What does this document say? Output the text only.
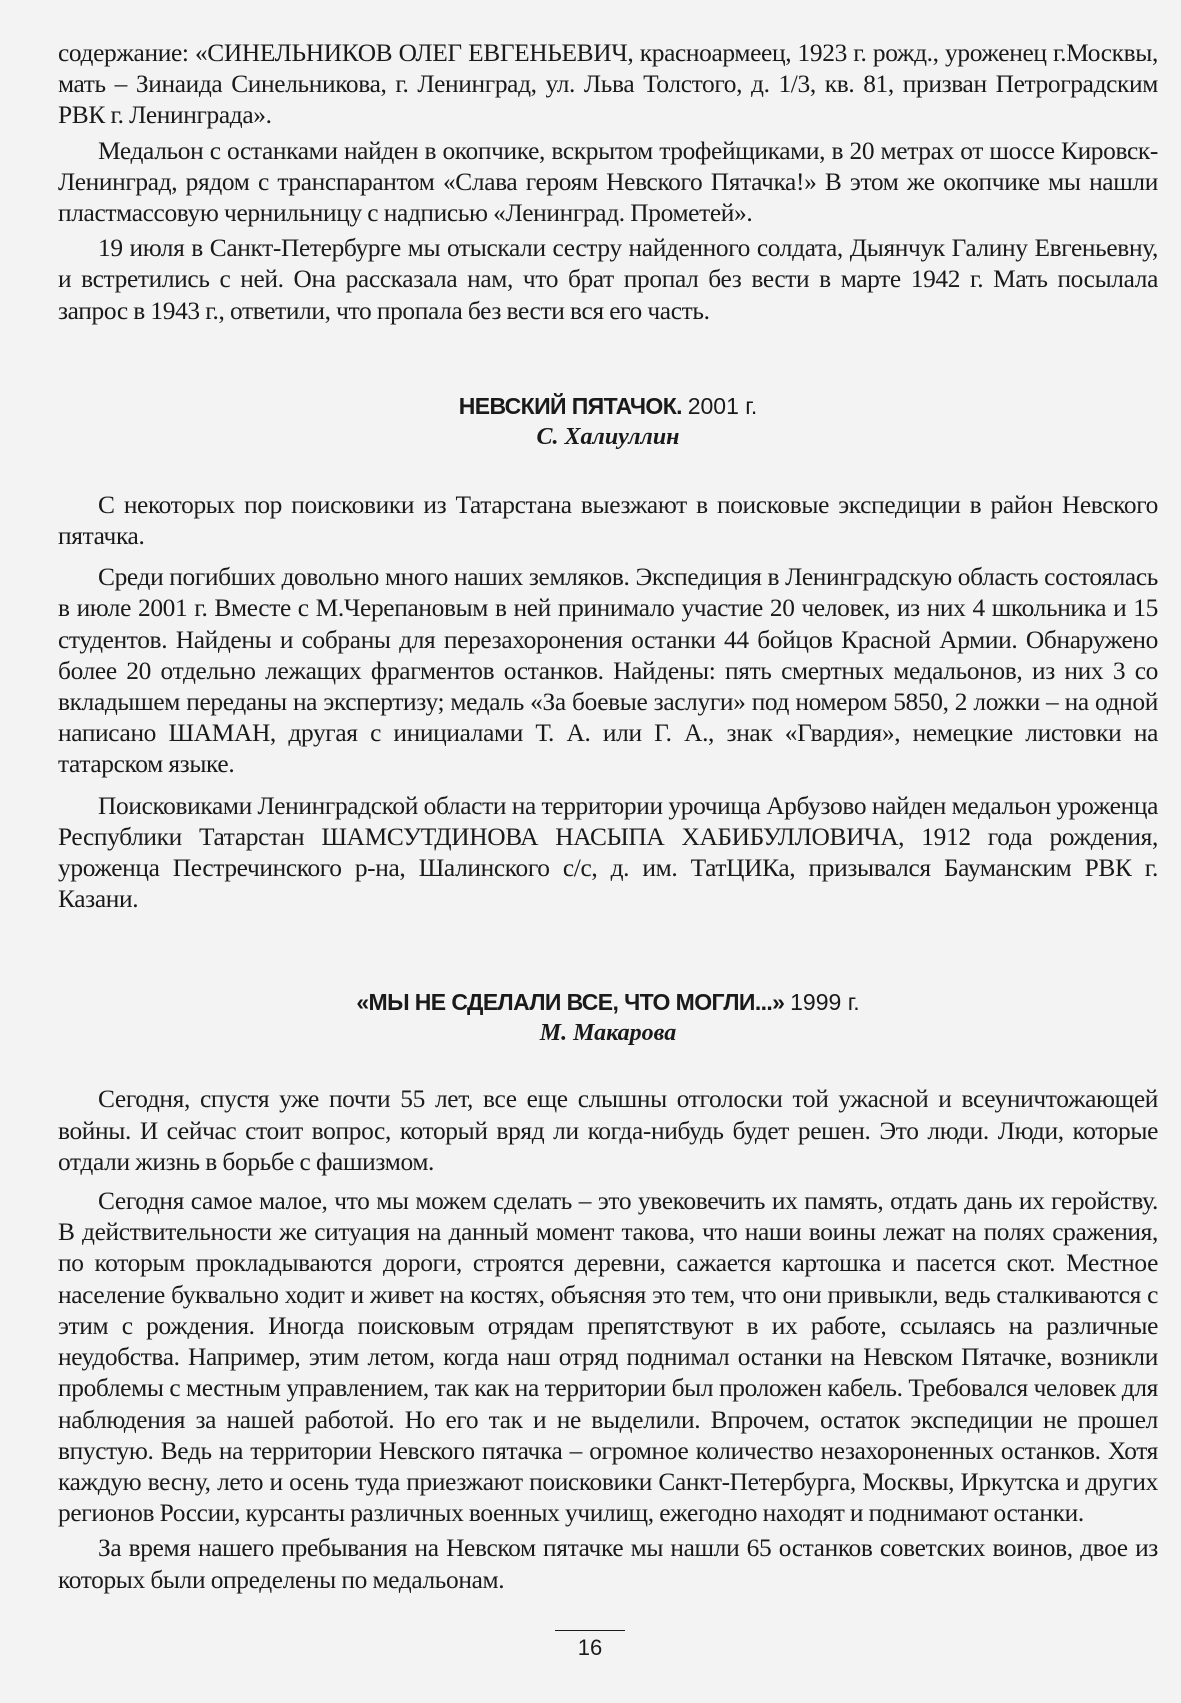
содержание: «СИНЕЛЬНИКОВ ОЛЕГ ЕВГЕНЬЕВИЧ, красноармеец, 1923 г. рожд., уроженец г.Москвы, мать – Зинаида Синельникова, г. Ленинград, ул. Льва Толстого, д. 1/3, кв. 81, призван Петроградским РВК г. Ленинграда».

Медальон с останками найден в окопчике, вскрытом трофейщиками, в 20 метрах от шоссе Кировск-Ленинград, рядом с транспарантом «Слава героям Невского Пятачка!» В этом же окопчике мы нашли пластмассовую чернильницу с надписью «Ленинград. Прометей».

19 июля в Санкт-Петербурге мы отыскали сестру найденного солдата, Дыянчук Галину Евгеньевну, и встретились с ней. Она рассказала нам, что брат пропал без вести в марте 1942 г. Мать посылала запрос в 1943 г., ответили, что пропала без вести вся его часть.

НЕВСКИЙ ПЯТАЧОК. 2001 г.
С. Халиуллин

С некоторых пор поисковики из Татарстана выезжают в поисковые экспедиции в район Невского пятачка.

Среди погибших довольно много наших земляков. Экспедиция в Ленинградскую область состоялась в июле 2001 г. Вместе с М.Черепановым в ней принимало участие 20 человек, из них 4 школьника и 15 студентов. Найдены и собраны для перезахоронения останки 44 бойцов Красной Армии. Обнаружено более 20 отдельно лежащих фрагментов останков. Найдены: пять смертных медальонов, из них 3 со вкладышем переданы на экспертизу; медаль «За боевые заслуги» под номером 5850, 2 ложки – на одной написано ШАМАН, другая с инициалами Т. А. или Г. А., знак «Гвардия», немецкие листовки на татарском языке.

Поисковиками Ленинградской области на территории урочища Арбузово найден медальон уроженца Республики Татарстан ШАМСУТДИНОВА НАСЫПА ХАБИБУЛЛОВИЧА, 1912 года рождения, уроженца Пестречинского р-на, Шалинского с/с, д. им. ТатЦИКа, призывался Бауманским РВК г. Казани.

«МЫ НЕ СДЕЛАЛИ ВСЕ, ЧТО МОГЛИ...» 1999 г.
М. Макарова

Сегодня, спустя уже почти 55 лет, все еще слышны отголоски той ужасной и всеуничтожающей войны. И сейчас стоит вопрос, который вряд ли когда-нибудь будет решен. Это люди. Люди, которые отдали жизнь в борьбе с фашизмом.

Сегодня самое малое, что мы можем сделать – это увековечить их память, отдать дань их геройству. В действительности же ситуация на данный момент такова, что наши воины лежат на полях сражения, по которым прокладываются дороги, строятся деревни, сажается картошка и пасется скот. Местное население буквально ходит и живет на костях, объясняя это тем, что они привыкли, ведь сталкиваются с этим с рождения. Иногда поисковым отрядам препятствуют в их работе, ссылаясь на различные неудобства. Например, этим летом, когда наш отряд поднимал останки на Невском Пятачке, возникли проблемы с местным управлением, так как на территории был проложен кабель. Требовался человек для наблюдения за нашей работой. Но его так и не выделили. Впрочем, остаток экспедиции не прошел впустую. Ведь на территории Невского пятачка – огромное количество незахороненных останков. Хотя каждую весну, лето и осень туда приезжают поисковики Санкт-Петербурга, Москвы, Иркутска и других регионов России, курсанты различных военных училищ, ежегодно находят и поднимают останки.

За время нашего пребывания на Невском пятачке мы нашли 65 останков советских воинов, двое из которых были определены по медальонам.

16
